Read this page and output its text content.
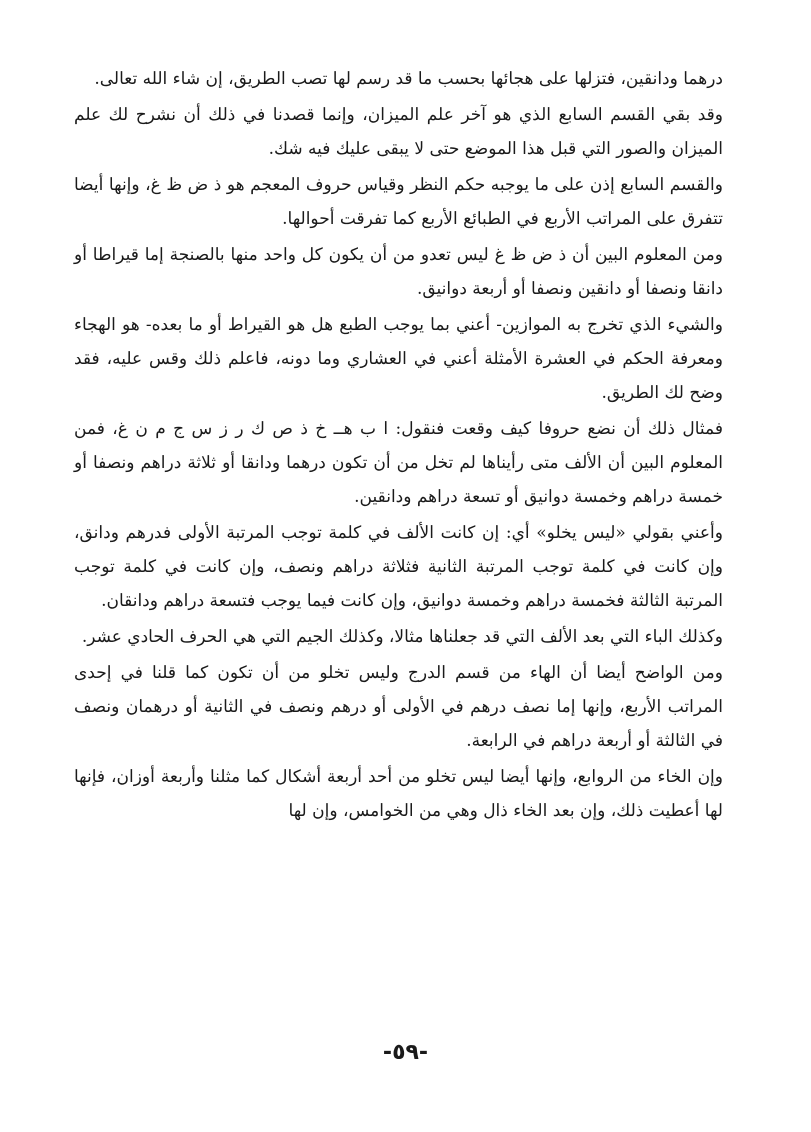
درهما ودانقين، فتزلها على هجائها بحسب ما قد رسم لها تصب الطريق، إن شاء الله تعالى.

وقد بقي القسم السابع الذي هو آخر علم الميزان، وإنما قصدنا في ذلك أن نشرح لك علم الميزان والصور التي قبل هذا الموضع حتى لا يبقى عليك فيه شك.

والقسم السابع إذن على ما يوجبه حكم النظر وقياس حروف المعجم هو ذ ض ظ غ، وإنها أيضا تتفرق على المراتب الأربع في الطبائع الأربع كما تفرقت أحوالها.

ومن المعلوم البين أن ذ ض ظ غ ليس تعدو من أن يكون كل واحد منها بالصنجة إما قيراطا أو دانقا ونصفا أو دانقين ونصفا أو أربعة دوانيق.

والشيء الذي تخرج به الموازين- أعني بما يوجب الطبع هل هو القيراط أو ما بعده- هو الهجاء ومعرفة الحكم في العشرة الأمثلة أعني في العشاري وما دونه، فاعلم ذلك وقس عليه، فقد وضح لك الطريق.

فمثال ذلك أن نضع حروفا كيف وقعت فنقول: ا ب هــ خ ذ ص ك ر ز س ج م ن غ، فمن المعلوم البين أن الألف متى رأيناها لم تخل من أن تكون درهما ودانقا أو ثلاثة دراهم ونصفا أو خمسة دراهم وخمسة دوانيق أو تسعة دراهم ودانقين.

وأعني بقولي «ليس يخلو» أي: إن كانت الألف في كلمة توجب المرتبة الأولى فدرهم ودانق، وإن كانت في كلمة توجب المرتبة الثانية فثلاثة دراهم ونصف، وإن كانت في كلمة توجب المرتبة الثالثة فخمسة دراهم وخمسة دوانيق، وإن كانت فيما يوجب فتسعة دراهم ودانقان.

وكذلك الباء التي بعد الألف التي قد جعلناها مثالا، وكذلك الجيم التي هي الحرف الحادي عشر.

ومن الواضح أيضا أن الهاء من قسم الدرج وليس تخلو من أن تكون كما قلنا في إحدى المراتب الأربع، وإنها إما نصف درهم في الأولى أو درهم ونصف في الثانية أو درهمان ونصف في الثالثة أو أربعة دراهم في الرابعة.

وإن الخاء من الروابع، وإنها أيضا ليس تخلو من أحد أربعة أشكال كما مثلنا وأربعة أوزان، فإنها لها أعطيت ذلك، وإن بعد الخاء ذال وهي من الخوامس، وإن لها

-٥٩-
